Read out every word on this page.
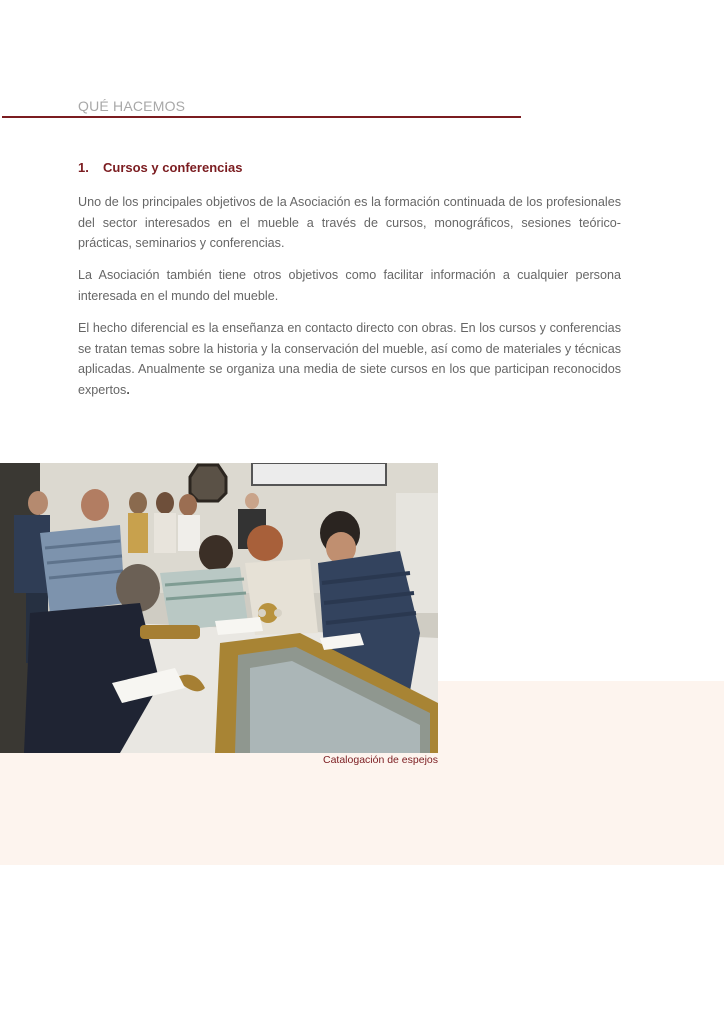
QUÉ HACEMOS
1.	Cursos y conferencias

Uno de los principales objetivos de la Asociación es la formación continuada de los profesionales del sector interesados en el mueble a través de cursos, monográficos, sesiones teórico-prácticas, seminarios y conferencias.

La Asociación también tiene otros objetivos como facilitar información a cualquier persona interesada en el mundo del mueble.

El hecho diferencial es la enseñanza en contacto directo con obras. En los cursos y conferencias se tratan temas sobre la historia y la conservación del mueble, así como de materiales y técnicas aplicadas. Anualmente se organiza una media de siete cursos en los que participan reconocidos expertos.

Catalogación de espejos
